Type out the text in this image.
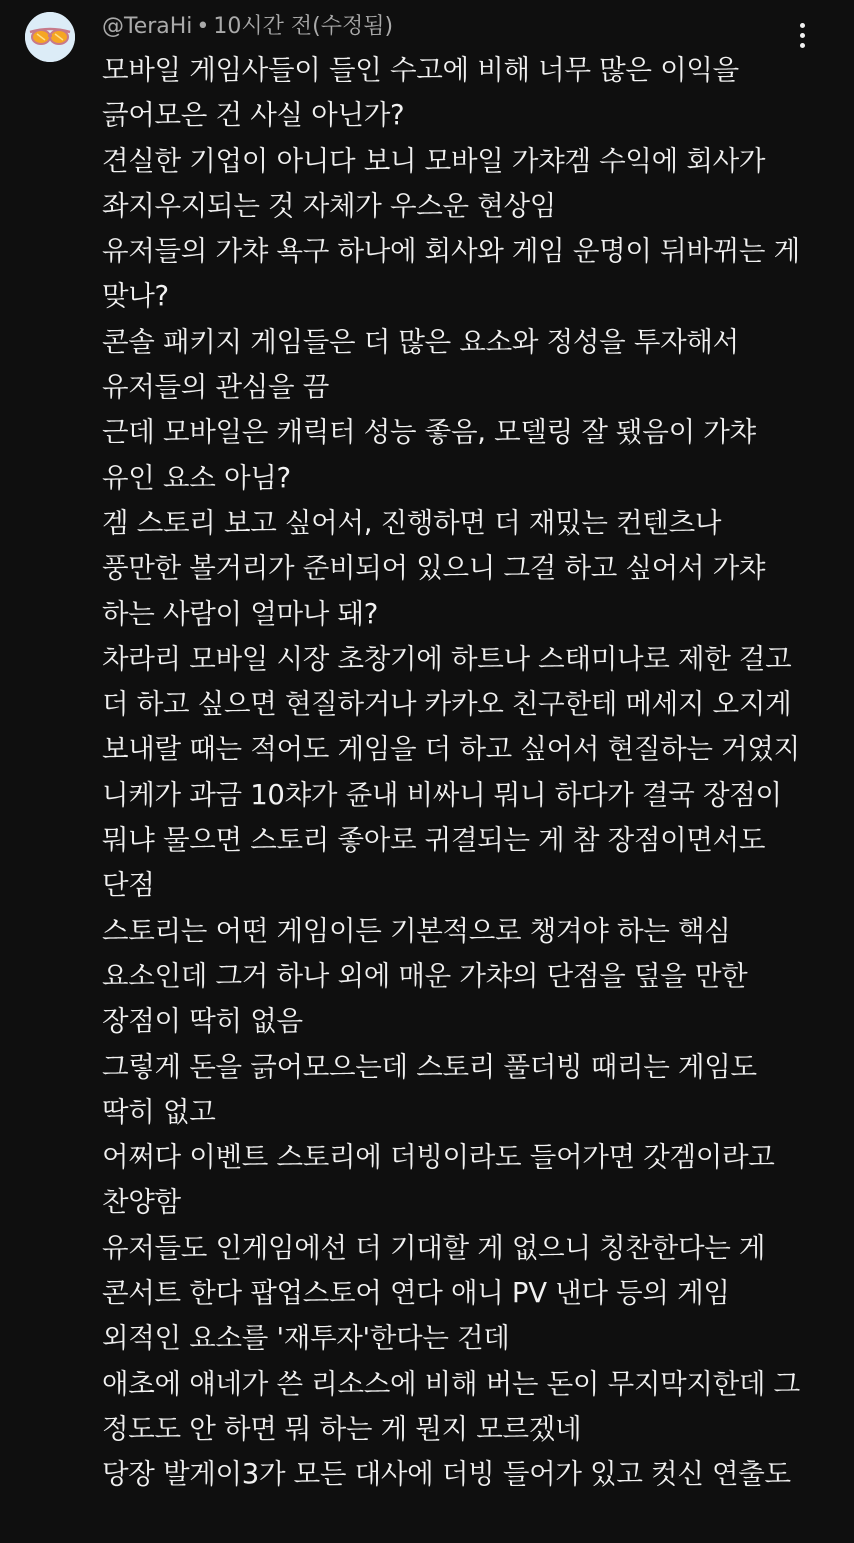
@TeraHi • 10시간 전(수정됨)
모바일 게임사들이 들인 수고에 비해 너무 많은 이익을
긁어모은 건 사실 아닌가?
견실한 기업이 아니다 보니 모바일 가챠겜 수익에 회사가
좌지우지되는 것 자체가 우스운 현상임
유저들의 가챠 욕구 하나에 회사와 게임 운명이 뒤바뀌는 게
맞나?
콘솔 패키지 게임들은 더 많은 요소와 정성을 투자해서
유저들의 관심을 끔
근데 모바일은 캐릭터 성능 좋음, 모델링 잘 됐음이 가챠
유인 요소 아님?
겜 스토리 보고 싶어서, 진행하면 더 재밌는 컨텐츠나
풍만한 볼거리가 준비되어 있으니 그걸 하고 싶어서 가챠
하는 사람이 얼마나 돼?
차라리 모바일 시장 초창기에 하트나 스태미나로 제한 걸고
더 하고 싶으면 현질하거나 카카오 친구한테 메세지 오지게
보내랄 때는 적어도 게임을 더 하고 싶어서 현질하는 거였지
니케가 과금 10챠가 쥰내 비싸니 뭐니 하다가 결국 장점이
뭐냐 물으면 스토리 좋아로 귀결되는 게 참 장점이면서도
단점
스토리는 어떤 게임이든 기본적으로 챙겨야 하는 핵심
요소인데 그거 하나 외에 매운 가챠의 단점을 덮을 만한
장점이 딱히 없음
그렇게 돈을 긁어모으는데 스토리 풀더빙 때리는 게임도
딱히 없고
어쩌다 이벤트 스토리에 더빙이라도 들어가면 갓겜이라고
찬양함
유저들도 인게임에선 더 기대할 게 없으니 칭찬한다는 게
콘서트 한다 팝업스토어 연다 애니 PV 낸다 등의 게임
외적인 요소를 '재투자'한다는 건데
애초에 얘네가 쓴 리소스에 비해 버는 돈이 무지막지한데 그
정도도 안 하면 뭐 하는 게 뭔지 모르겠네
당장 발게이3가 모든 대사에 더빙 들어가 있고 컷신 연출도
